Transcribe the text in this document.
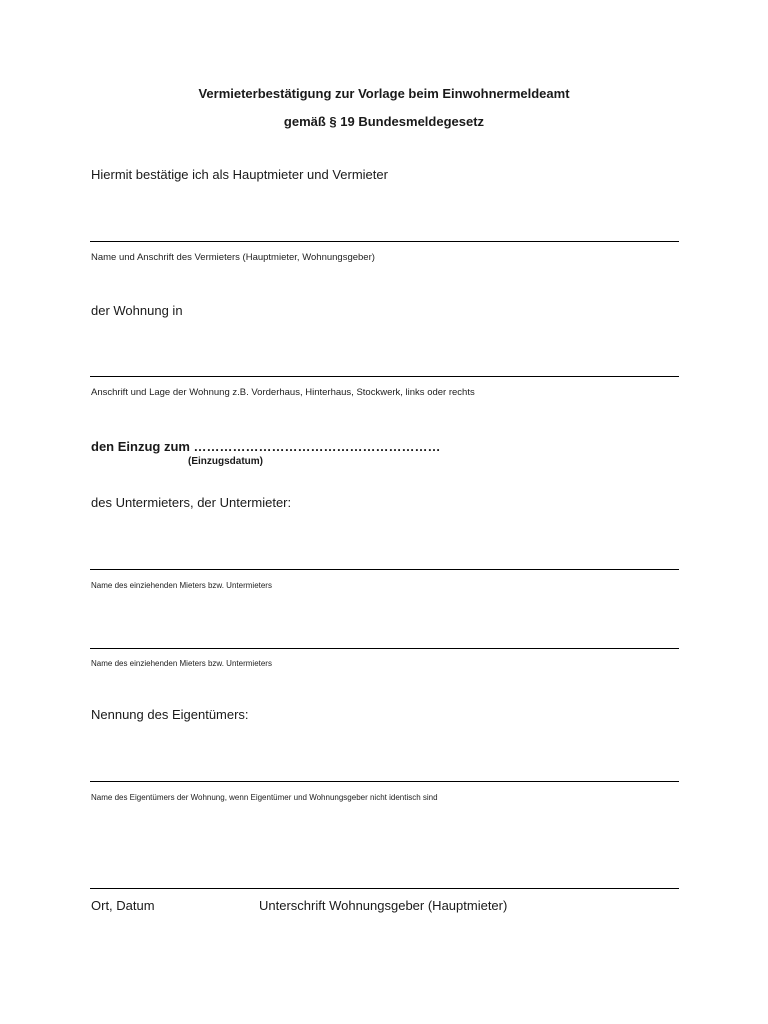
Vermieterbestätigung zur Vorlage beim Einwohnermeldeamt
gemäß § 19 Bundesmeldegesetz
Hiermit bestätige ich als Hauptmieter und Vermieter
Name und Anschrift des Vermieters (Hauptmieter, Wohnungsgeber)
der Wohnung in
Anschrift und Lage der Wohnung z.B. Vorderhaus, Hinterhaus, Stockwerk, links oder rechts
den Einzug zum …………………………………………………
(Einzugsdatum)
des Untermieters, der Untermieter:
Name des einziehenden Mieters bzw. Untermieters
Name des einziehenden Mieters bzw. Untermieters
Nennung des Eigentümers:
Name des Eigentümers der Wohnung, wenn Eigentümer und Wohnungsgeber nicht identisch sind
Ort, Datum	Unterschrift Wohnungsgeber (Hauptmieter)
